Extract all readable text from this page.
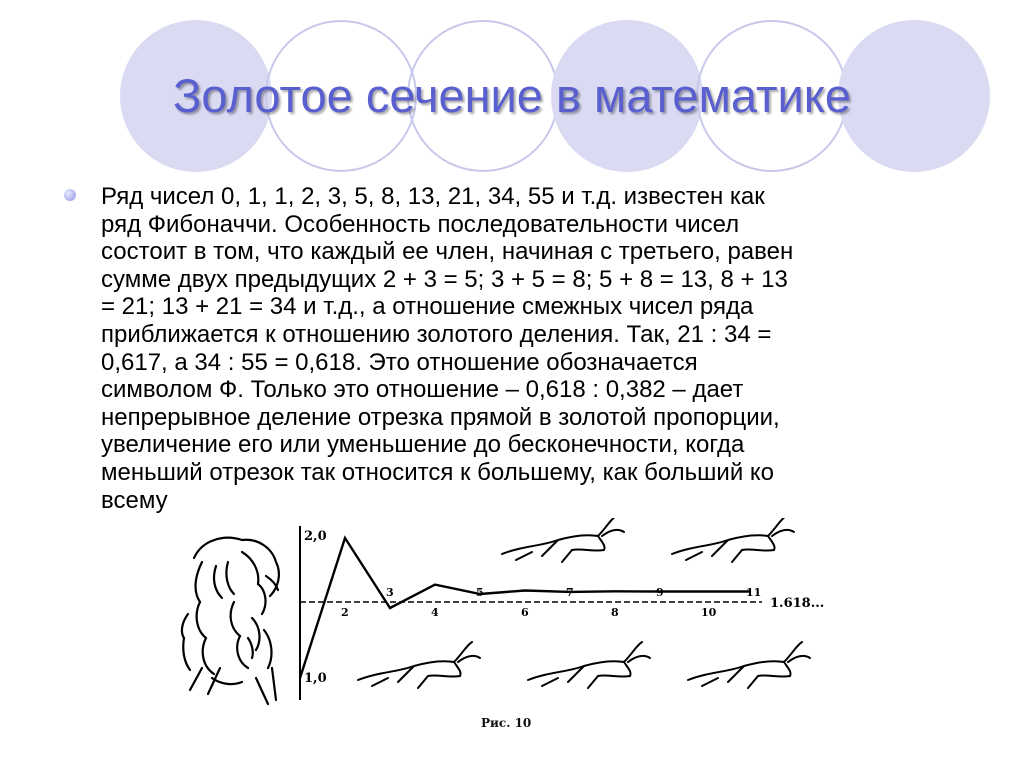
Золотое сечение в математике
Ряд чисел 0, 1, 1, 2, 3, 5, 8, 13, 21, 34, 55 и т.д. известен как
ряд Фибоначчи. Особенность последовательности чисел
состоит в том, что каждый ее член, начиная с третьего, равен
сумме двух предыдущих 2 + 3 = 5; 3 + 5 = 8; 5 + 8 = 13, 8 + 13
= 21; 13 + 21 = 34 и т.д., а отношение смежных чисел ряда
приближается к отношению золотого деления. Так, 21 : 34 =
0,617, а 34 : 55 = 0,618. Это отношение обозначается
символом Ф. Только это отношение – 0,618 : 0,382 – дает
непрерывное деление отрезка прямой в золотой пропорции,
увеличение его или уменьшение до бесконечности, когда
меньший отрезок так относится к большему, как больший ко
всему
2,0
1,0
2
3
4
5
6
7
8
9
10
11
1.618...
Рис. 10
